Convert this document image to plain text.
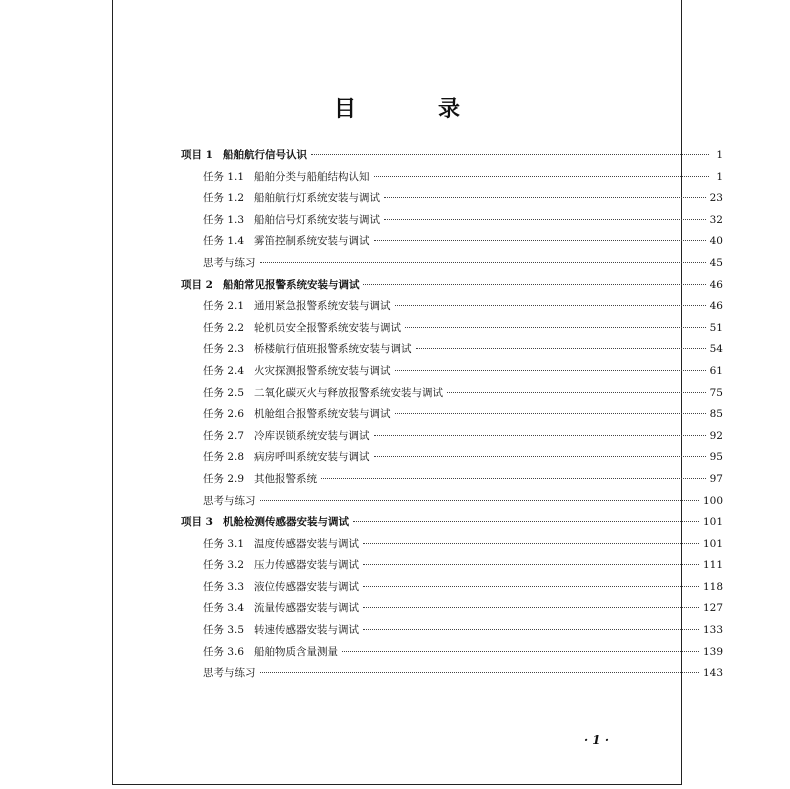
目　录
项目 1 船舶航行信号认识	1
任务 1.1 船舶分类与船舶结构认知	1
任务 1.2 船舶航行灯系统安装与调试	23
任务 1.3 船舶信号灯系统安装与调试	32
任务 1.4 雾笛控制系统安装与调试	40
思考与练习	45
项目 2 船舶常见报警系统安装与调试	46
任务 2.1 通用紧急报警系统安装与调试	46
任务 2.2 轮机员安全报警系统安装与调试	51
任务 2.3 桥楼航行值班报警系统安装与调试	54
任务 2.4 火灾探测报警系统安装与调试	61
任务 2.5 二氧化碳灭火与释放报警系统安装与调试	75
任务 2.6 机舱组合报警系统安装与调试	85
任务 2.7 冷库误锁系统安装与调试	92
任务 2.8 病房呼叫系统安装与调试	95
任务 2.9 其他报警系统	97
思考与练习	100
项目 3 机舱检测传感器安装与调试	101
任务 3.1 温度传感器安装与调试	101
任务 3.2 压力传感器安装与调试	111
任务 3.3 液位传感器安装与调试	118
任务 3.4 流量传感器安装与调试	127
任务 3.5 转速传感器安装与调试	133
任务 3.6 船舶物质含量测量	139
思考与练习	143
· 1 ·
